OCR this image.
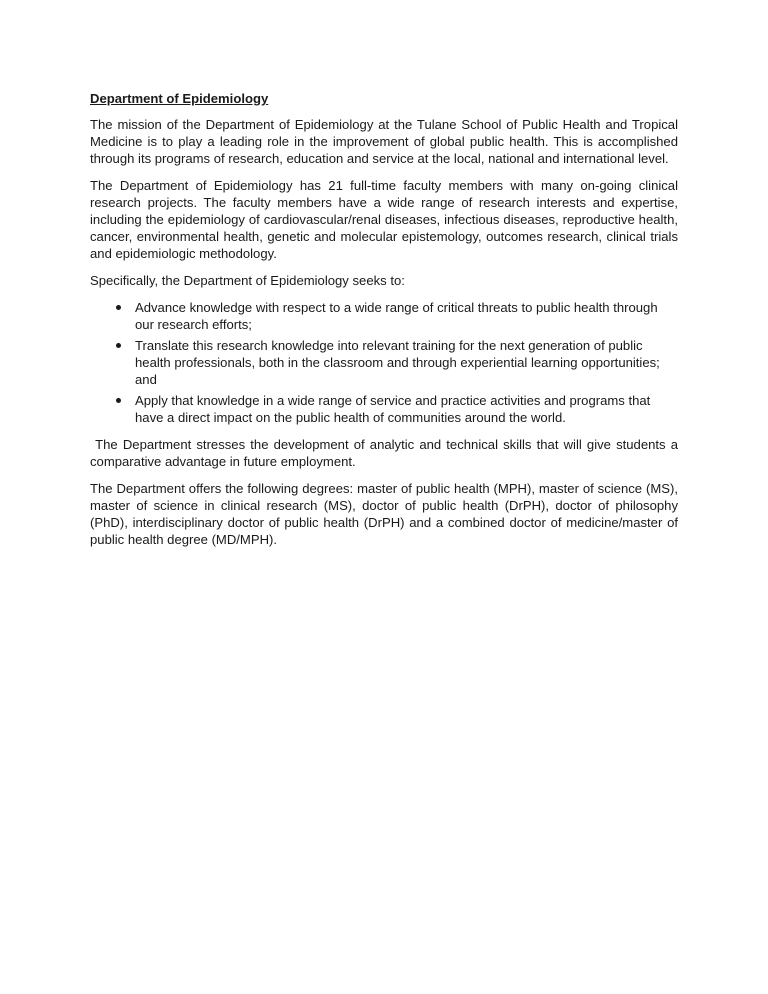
Department of Epidemiology

The mission of the Department of Epidemiology at the Tulane School of Public Health and Tropical Medicine is to play a leading role in the improvement of global public health. This is accomplished through its programs of research, education and service at the local, national and international level.

The Department of Epidemiology has 21 full-time faculty members with many on-going clinical research projects. The faculty members have a wide range of research interests and expertise, including the epidemiology of cardiovascular/renal diseases, infectious diseases, reproductive health, cancer, environmental health, genetic and molecular epistemology, outcomes research, clinical trials and epidemiologic methodology.

Specifically, the Department of Epidemiology seeks to:

Advance knowledge with respect to a wide range of critical threats to public health through our research efforts;
Translate this research knowledge into relevant training for the next generation of public health professionals, both in the classroom and through experiential learning opportunities; and
Apply that knowledge in a wide range of service and practice activities and programs that have a direct impact on the public health of communities around the world.

The Department stresses the development of analytic and technical skills that will give students a comparative advantage in future employment.

The Department offers the following degrees: master of public health (MPH), master of science (MS), master of science in clinical research (MS), doctor of public health (DrPH), doctor of philosophy (PhD), interdisciplinary doctor of public health (DrPH) and a combined doctor of medicine/master of public health degree (MD/MPH).
